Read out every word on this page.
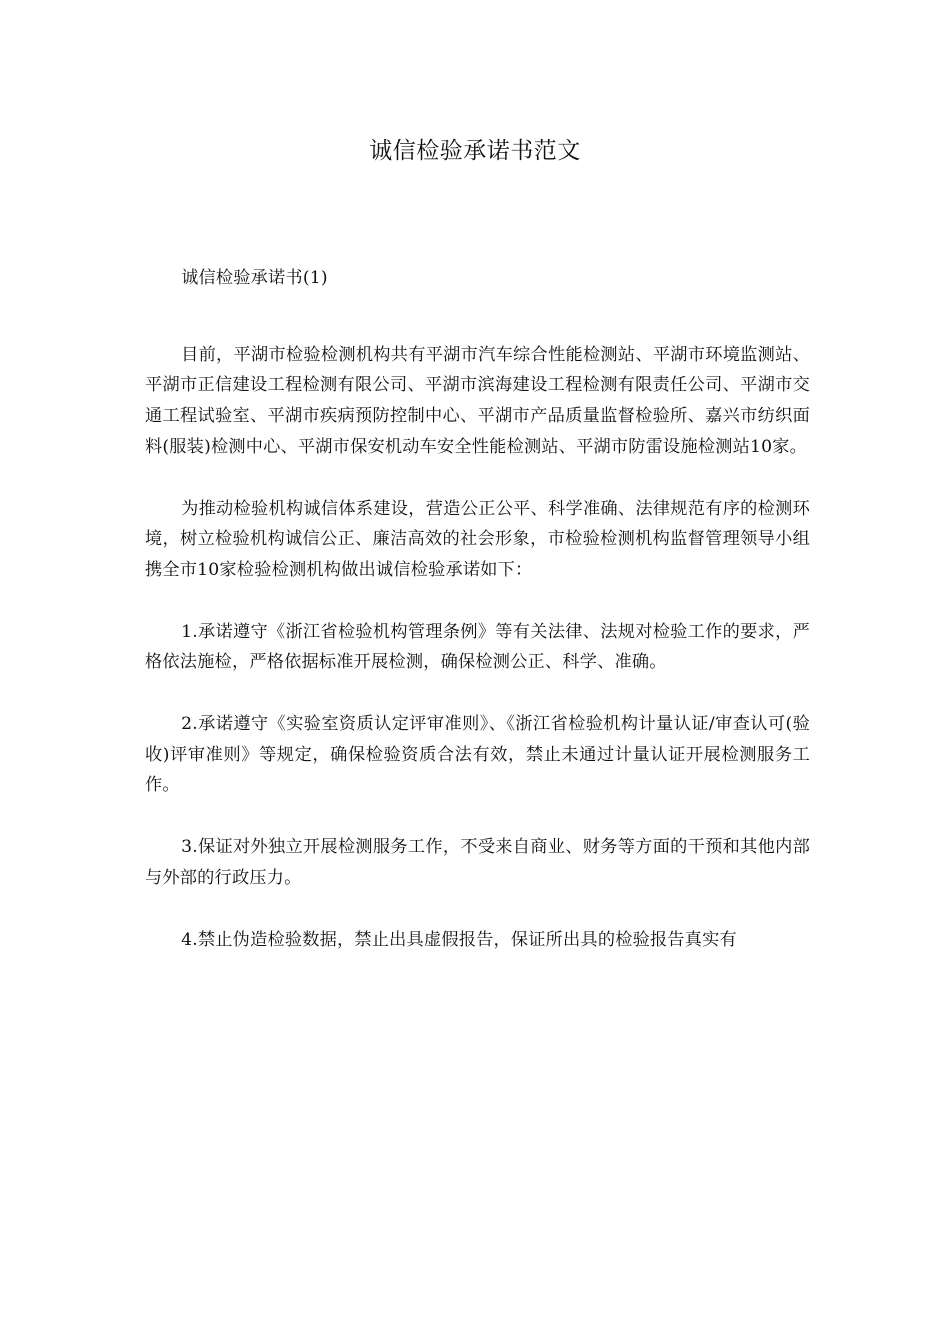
诚信检验承诺书范文

诚信检验承诺书(1)

目前，平湖市检验检测机构共有平湖市汽车综合性能检测站、平湖市环境监测站、平湖市正信建设工程检测有限公司、平湖市滨海建设工程检测有限责任公司、平湖市交通工程试验室、平湖市疾病预防控制中心、平湖市产品质量监督检验所、嘉兴市纺织面料(服装)检测中心、平湖市保安机动车安全性能检测站、平湖市防雷设施检测站10家。

为推动检验机构诚信体系建设，营造公正公平、科学准确、法律规范有序的检测环境，树立检验机构诚信公正、廉洁高效的社会形象，市检验检测机构监督管理领导小组携全市10家检验检测机构做出诚信检验承诺如下：

1.承诺遵守《浙江省检验机构管理条例》等有关法律、法规对检验工作的要求，严格依法施检，严格依据标准开展检测，确保检测公正、科学、准确。

2.承诺遵守《实验室资质认定评审准则》、《浙江省检验机构计量认证/审查认可(验收)评审准则》等规定，确保检验资质合法有效，禁止未通过计量认证开展检测服务工作。

3.保证对外独立开展检测服务工作，不受来自商业、财务等方面的干预和其他内部与外部的行政压力。

4.禁止伪造检验数据，禁止出具虚假报告，保证所出具的检验报告真实有
